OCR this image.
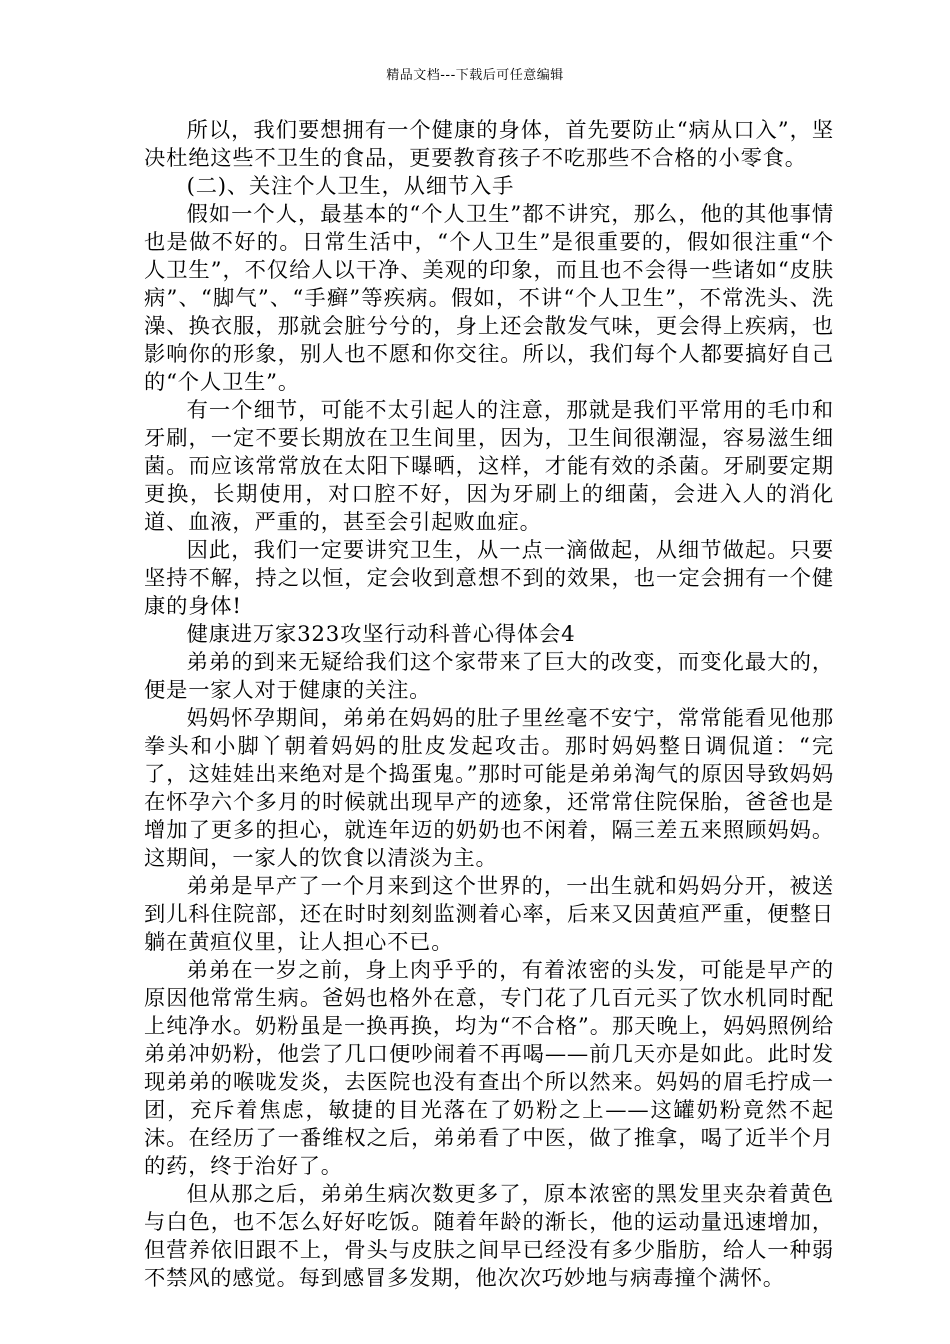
精品文档---下载后可任意编辑

所以，我们要想拥有一个健康的身体，首先要防止“病从口入”，坚决杜绝这些不卫生的食品，更要教育孩子不吃那些不合格的小零食。

(二)、关注个人卫生，从细节入手

假如一个人，最基本的“个人卫生”都不讲究，那么，他的其他事情也是做不好的。日常生活中，“个人卫生”是很重要的，假如很注重“个人卫生”，不仅给人以干净、美观的印象，而且也不会得一些诸如“皮肤病”、“脚气”、“手癣”等疾病。假如，不讲“个人卫生”，不常洗头、洗澡、换衣服，那就会脏兮兮的，身上还会散发气味，更会得上疾病，也影响你的形象，别人也不愿和你交往。所以，我们每个人都要搞好自己的“个人卫生”。

有一个细节，可能不太引起人的注意，那就是我们平常用的毛巾和牙刷，一定不要长期放在卫生间里，因为，卫生间很潮湿，容易滋生细菌。而应该常常放在太阳下曝晒，这样，才能有效的杀菌。牙刷要定期更换，长期使用，对口腔不好，因为牙刷上的细菌，会进入人的消化道、血液，严重的，甚至会引起败血症。

因此，我们一定要讲究卫生，从一点一滴做起，从细节做起。只要坚持不解，持之以恒，定会收到意想不到的效果，也一定会拥有一个健康的身体!

健康进万家323攻坚行动科普心得体会4

弟弟的到来无疑给我们这个家带来了巨大的改变，而变化最大的，便是一家人对于健康的关注。

妈妈怀孕期间，弟弟在妈妈的肚子里丝毫不安宁，常常能看见他那拳头和小脚丫朝着妈妈的肚皮发起攻击。那时妈妈整日调侃道：“完了，这娃娃出来绝对是个捣蛋鬼。”那时可能是弟弟淘气的原因导致妈妈在怀孕六个多月的时候就出现早产的迹象，还常常住院保胎，爸爸也是增加了更多的担心，就连年迈的奶奶也不闲着，隔三差五来照顾妈妈。这期间，一家人的饮食以清淡为主。

弟弟是早产了一个月来到这个世界的，一出生就和妈妈分开，被送到儿科住院部，还在时时刻刻监测着心率，后来又因黄疸严重，便整日躺在黄疸仪里，让人担心不已。

弟弟在一岁之前，身上肉乎乎的，有着浓密的头发，可能是早产的原因他常常生病。爸妈也格外在意，专门花了几百元买了饮水机同时配上纯净水。奶粉虽是一换再换，均为“不合格”。那天晚上，妈妈照例给弟弟冲奶粉，他尝了几口便吵闹着不再喝——前几天亦是如此。此时发现弟弟的喉咙发炎，去医院也没有查出个所以然来。妈妈的眉毛拧成一团，充斥着焦虑，敏捷的目光落在了奶粉之上——这罐奶粉竟然不起沫。在经历了一番维权之后，弟弟看了中医，做了推拿，喝了近半个月的药，终于治好了。

但从那之后，弟弟生病次数更多了，原本浓密的黑发里夹杂着黄色与白色，也不怎么好好吃饭。随着年龄的渐长，他的运动量迅速增加，但营养依旧跟不上，骨头与皮肤之间早已经没有多少脂肪，给人一种弱不禁风的感觉。每到感冒多发期，他次次巧妙地与病毒撞个满怀。
